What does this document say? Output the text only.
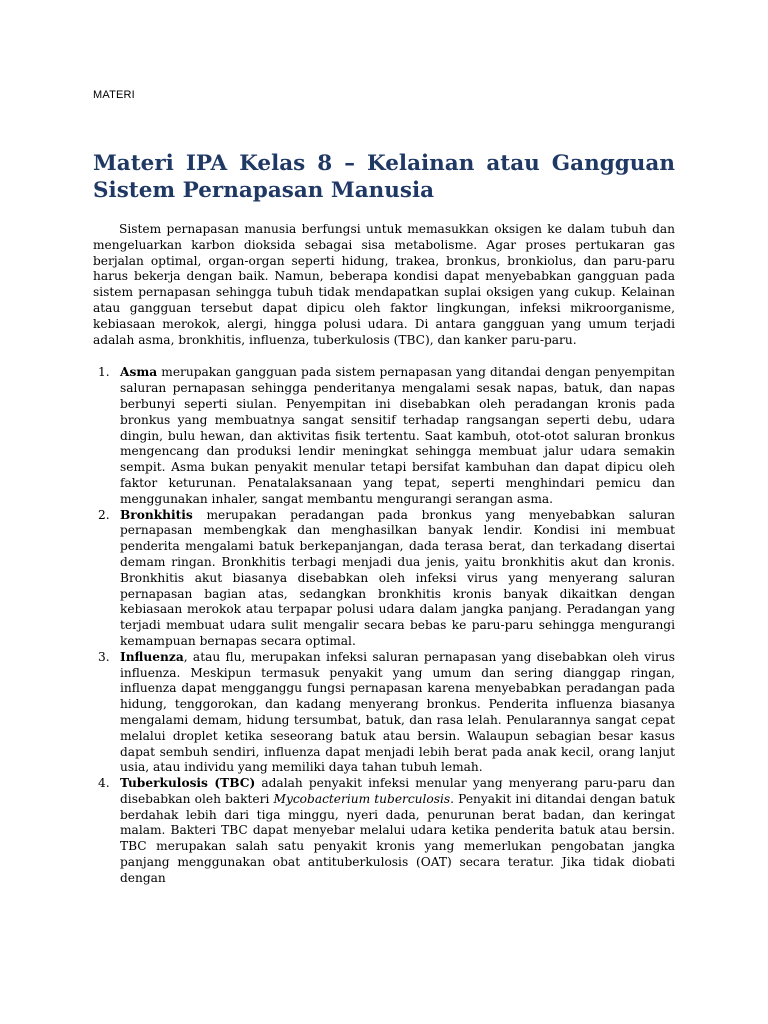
MATERI
Materi IPA Kelas 8 – Kelainan atau Gangguan Sistem Pernapasan Manusia

Sistem pernapasan manusia berfungsi untuk memasukkan oksigen ke dalam tubuh dan mengeluarkan karbon dioksida sebagai sisa metabolisme. Agar proses pertukaran gas berjalan optimal, organ-organ seperti hidung, trakea, bronkus, bronkiolus, dan paru-paru harus bekerja dengan baik. Namun, beberapa kondisi dapat menyebabkan gangguan pada sistem pernapasan sehingga tubuh tidak mendapatkan suplai oksigen yang cukup. Kelainan atau gangguan tersebut dapat dipicu oleh faktor lingkungan, infeksi mikroorganisme, kebiasaan merokok, alergi, hingga polusi udara. Di antara gangguan yang umum terjadi adalah asma, bronkhitis, influenza, tuberkulosis (TBC), dan kanker paru-paru.

1. Asma merupakan gangguan pada sistem pernapasan yang ditandai dengan penyempitan saluran pernapasan sehingga penderitanya mengalami sesak napas, batuk, dan napas berbunyi seperti siulan. Penyempitan ini disebabkan oleh peradangan kronis pada bronkus yang membuatnya sangat sensitif terhadap rangsangan seperti debu, udara dingin, bulu hewan, dan aktivitas fisik tertentu. Saat kambuh, otot-otot saluran bronkus mengencang dan produksi lendir meningkat sehingga membuat jalur udara semakin sempit. Asma bukan penyakit menular tetapi bersifat kambuhan dan dapat dipicu oleh faktor keturunan. Penatalaksanaan yang tepat, seperti menghindari pemicu dan menggunakan inhaler, sangat membantu mengurangi serangan asma.
2. Bronkhitis merupakan peradangan pada bronkus yang menyebabkan saluran pernapasan membengkak dan menghasilkan banyak lendir. Kondisi ini membuat penderita mengalami batuk berkepanjangan, dada terasa berat, dan terkadang disertai demam ringan. Bronkhitis terbagi menjadi dua jenis, yaitu bronkhitis akut dan kronis. Bronkhitis akut biasanya disebabkan oleh infeksi virus yang menyerang saluran pernapasan bagian atas, sedangkan bronkhitis kronis banyak dikaitkan dengan kebiasaan merokok atau terpapar polusi udara dalam jangka panjang. Peradangan yang terjadi membuat udara sulit mengalir secara bebas ke paru-paru sehingga mengurangi kemampuan bernapas secara optimal.
3. Influenza, atau flu, merupakan infeksi saluran pernapasan yang disebabkan oleh virus influenza. Meskipun termasuk penyakit yang umum dan sering dianggap ringan, influenza dapat mengganggu fungsi pernapasan karena menyebabkan peradangan pada hidung, tenggorokan, dan kadang menyerang bronkus. Penderita influenza biasanya mengalami demam, hidung tersumbat, batuk, dan rasa lelah. Penularannya sangat cepat melalui droplet ketika seseorang batuk atau bersin. Walaupun sebagian besar kasus dapat sembuh sendiri, influenza dapat menjadi lebih berat pada anak kecil, orang lanjut usia, atau individu yang memiliki daya tahan tubuh lemah.
4. Tuberkulosis (TBC) adalah penyakit infeksi menular yang menyerang paru-paru dan disebabkan oleh bakteri Mycobacterium tuberculosis. Penyakit ini ditandai dengan batuk berdahak lebih dari tiga minggu, nyeri dada, penurunan berat badan, dan keringat malam. Bakteri TBC dapat menyebar melalui udara ketika penderita batuk atau bersin. TBC merupakan salah satu penyakit kronis yang memerlukan pengobatan jangka panjang menggunakan obat antituberkulosis (OAT) secara teratur. Jika tidak diobati dengan
